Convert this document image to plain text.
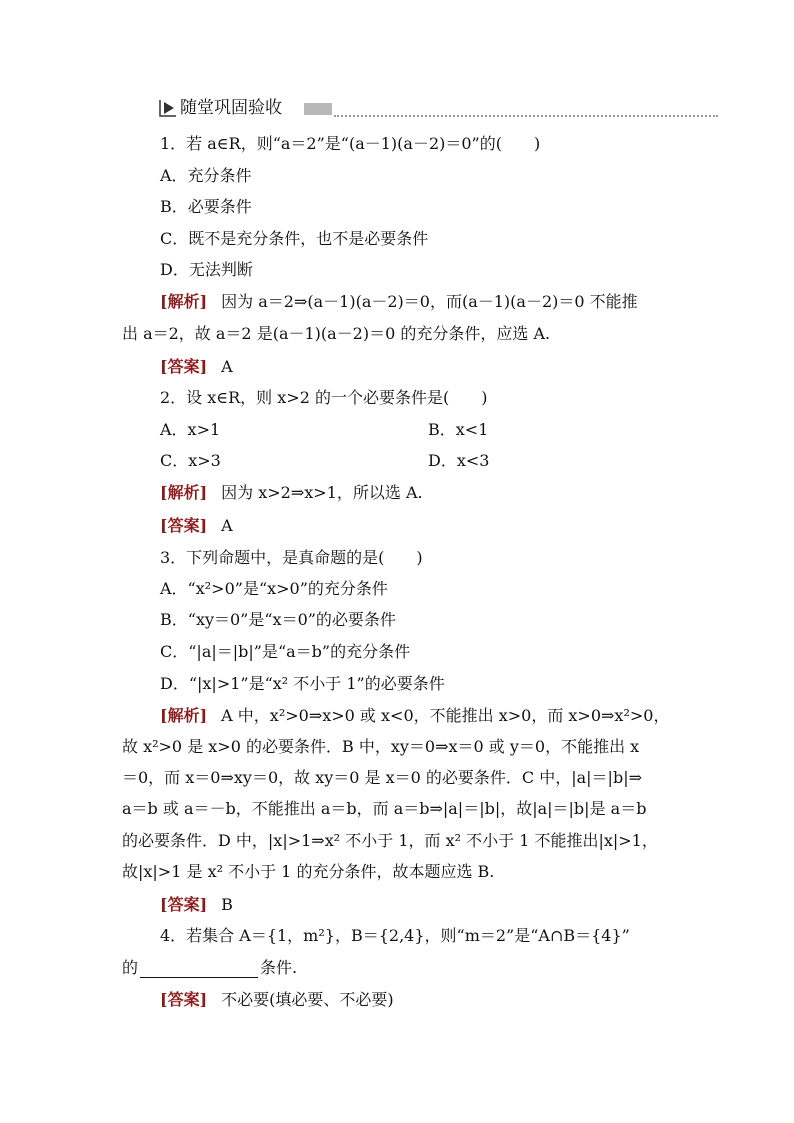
随堂巩固验收
1．若 a∈R，则“a＝2”是“(a－1)(a－2)＝0”的(　　)
A．充分条件
B．必要条件
C．既不是充分条件，也不是必要条件
D．无法判断
[解析] 因为 a＝2⇒(a－1)(a－2)＝0，而(a－1)(a－2)＝0 不能推
出 a＝2，故 a＝2 是(a－1)(a－2)＝0 的充分条件，应选 A.
[答案] A
2．设 x∈R，则 x>2 的一个必要条件是(　　)
A．x>1	B．x<1
C．x>3	D．x<3
[解析] 因为 x>2⇒x>1，所以选 A.
[答案] A
3．下列命题中，是真命题的是(　　)
A．“x²>0”是“x>0”的充分条件
B．“xy＝0”是“x＝0”的必要条件
C．“|a|＝|b|”是“a＝b”的充分条件
D．“|x|>1”是“x² 不小于 1”的必要条件
[解析] A 中，x²>0⇒x>0 或 x<0，不能推出 x>0，而 x>0⇒x²>0，
故 x²>0 是 x>0 的必要条件．B 中，xy＝0⇒x＝0 或 y＝0，不能推出 x
＝0，而 x＝0⇒xy＝0，故 xy＝0 是 x＝0 的必要条件．C 中，|a|＝|b|⇒
a＝b 或 a＝－b，不能推出 a＝b，而 a＝b⇒|a|＝|b|，故|a|＝|b|是 a＝b
的必要条件．D 中，|x|>1⇒x² 不小于 1，而 x² 不小于 1 不能推出|x|>1，
故|x|>1 是 x² 不小于 1 的充分条件，故本题应选 B.
[答案] B
4．若集合 A＝{1，m²}，B＝{2,4}，则“m＝2”是“A∩B＝{4}”
的	条件.
[答案] 不必要(填必要、不必要)
